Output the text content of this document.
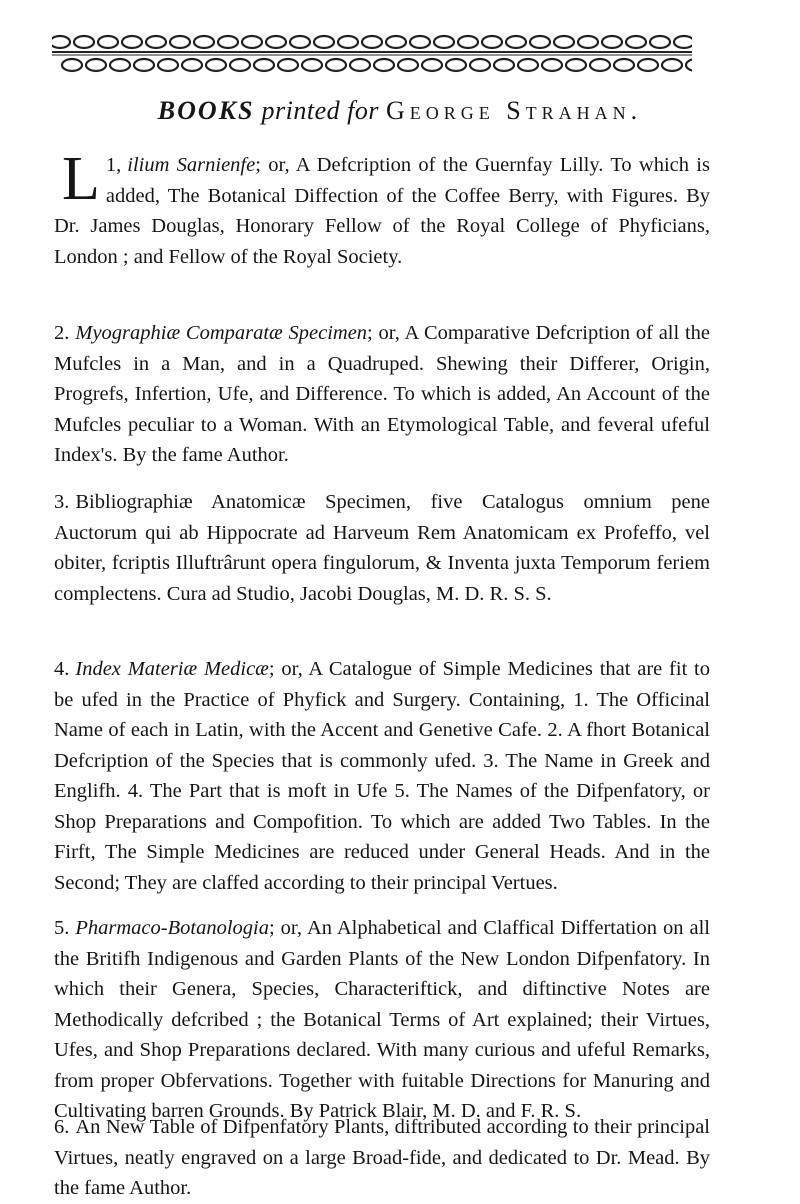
BOOKS printed for George Strahan.
1,
L ilium Sarnienfe; or, A Defcription of the Guernfay Lilly. To which is added, The Botanical Diffection of the Coffee Berry, with Figures. By Dr. James Douglas, Honorary Fellow of the Royal College of Phyficians, London ; and Fellow of the Royal Society.
2. Myographiæ Comparatæ Specimen; or, A Comparative Defcription of all the Mufcles in a Man, and in a Quadruped. Shewing their Differer, Origin, Progrefs, Infertion, Ufe, and Difference. To which is added, An Account of the Mufcles peculiar to a Woman. With an Etymological Table, and feveral ufeful Index's. By the fame Author.
3. Bibliographiæ Anatomicæ Specimen, five Catalogus omnium pene Auctorum qui ab Hippocrate ad Harveum Rem Anatomicam ex Profeffo, vel obiter, fcriptis Illuftrârunt opera fingulorum, & Inventa juxta Temporum feriem complectens. Cura ad Studio, Jacobi Douglas, M. D. R. S. S.
4. Index Materiæ Medicæ; or, A Catalogue of Simple Medicines that are fit to be ufed in the Practice of Phyfick and Surgery. Containing, 1. The Officinal Name of each in Latin, with the Accent and Genetive Cafe. 2. A fhort Botanical Defcription of the Species that is commonly ufed. 3. The Name in Greek and Englifh. 4. The Part that is moft in Ufe 5. The Names of the Difpenfatory, or Shop Preparations and Compofition. To which are added Two Tables. In the Firft, The Simple Medicines are reduced under General Heads. And in the Second; They are claffed according to their principal Vertues.
5. Pharmaco-Botanologia; or, An Alphabetical and Claffical Differtation on all the Britifh Indigenous and Garden Plants of the New London Difpenfatory. In which their Genera, Species, Characteriftick, and diftinctive Notes are Methodically defcribed ; the Botanical Terms of Art explained; their Virtues, Ufes, and Shop Preparations declared. With many curious and ufeful Remarks, from proper Obfervations. Together with fuitable Directions for Manuring and Cultivating barren Grounds. By Patrick Blair, M. D. and F. R. S.
6. An New Table of Difpenfatory Plants, diftributed according to their principal Virtues, neatly engraved on a large Broad-fide, and dedicated to Dr. Mead. By the fame Author.
